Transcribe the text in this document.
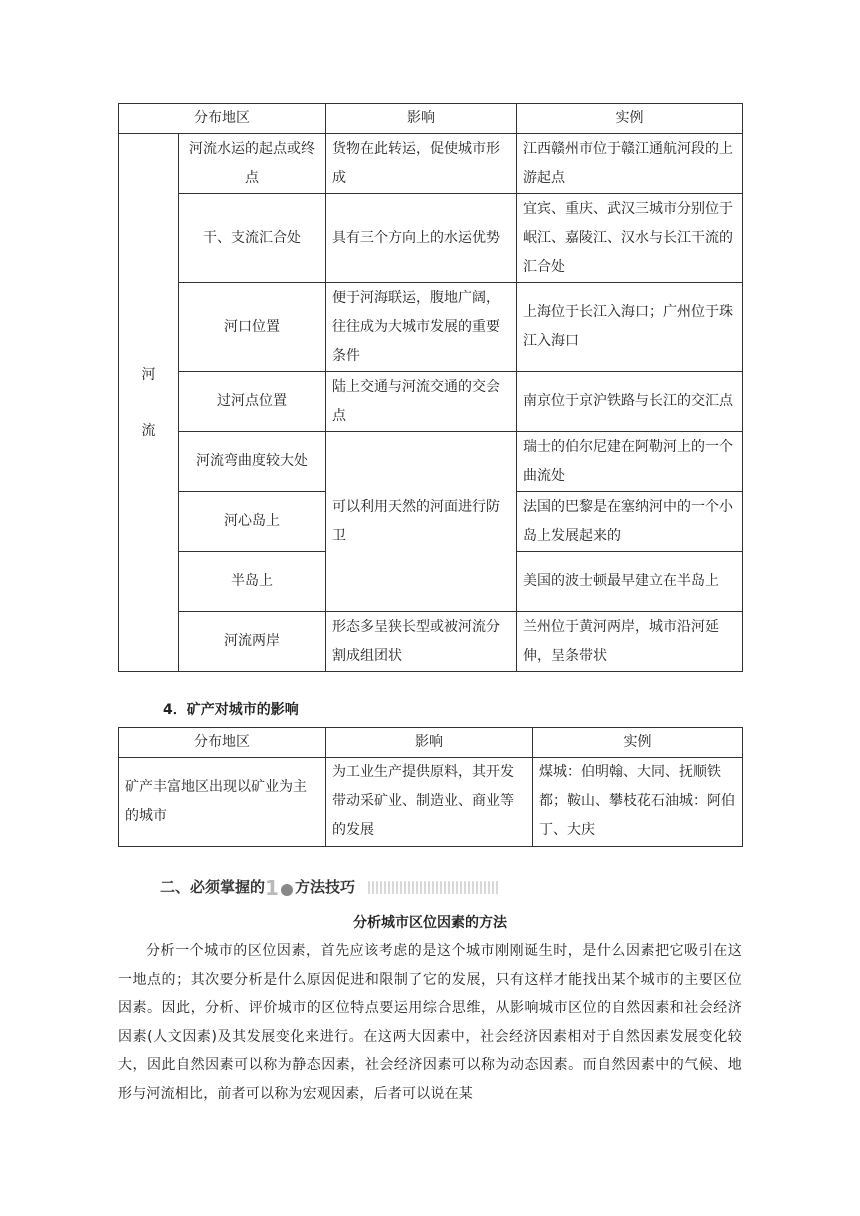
分布地区		影响	实例
河

流	河流水运的起点或终点	货物在此转运，促使城市形成	江西赣州市位于赣江通航河段的上游起点
	干、支流汇合处	具有三个方向上的水运优势	宜宾、重庆、武汉三城市分别位于岷江、嘉陵江、汉水与长江干流的汇合处
	河口位置	便于河海联运，腹地广阔，往往成为大城市发展的重要条件	上海位于长江入海口；广州位于珠江入海口
	过河点位置	陆上交通与河流交通的交会点	南京位于京沪铁路与长江的交汇点
	河流弯曲度较大处	可以利用天然的河面进行防卫	瑞士的伯尔尼建在阿勒河上的一个曲流处
	河心岛上		法国的巴黎是在塞纳河中的一个小岛上发展起来的
	半岛上		美国的波士顿最早建立在半岛上
	河流两岸	形态多呈狭长型或被河流分割成组团状	兰州位于黄河两岸，城市沿河延伸，呈条带状
4．矿产对城市的影响
分布地区	影响	实例
矿产丰富地区出现以矿业为主的城市	为工业生产提供原料，其开发带动采矿业、制造业、商业等的发展	煤城：伯明翰、大同、抚顺铁都；鞍山、攀枝花石油城：阿伯丁、大庆
二、必须掌握的1 方法技巧
分析城市区位因素的方法
分析一个城市的区位因素，首先应该考虑的是这个城市刚刚诞生时，是什么因素把它吸引在这一地点的；其次要分析是什么原因促进和限制了它的发展，只有这样才能找出某个城市的主要区位因素。因此，分析、评价城市的区位特点要运用综合思维，从影响城市区位的自然因素和社会经济因素(人文因素)及其发展变化来进行。在这两大因素中，社会经济因素相对于自然因素发展变化较大，因此自然因素可以称为静态因素，社会经济因素可以称为动态因素。而自然因素中的气候、地形与河流相比，前者可以称为宏观因素，后者可以说在某
